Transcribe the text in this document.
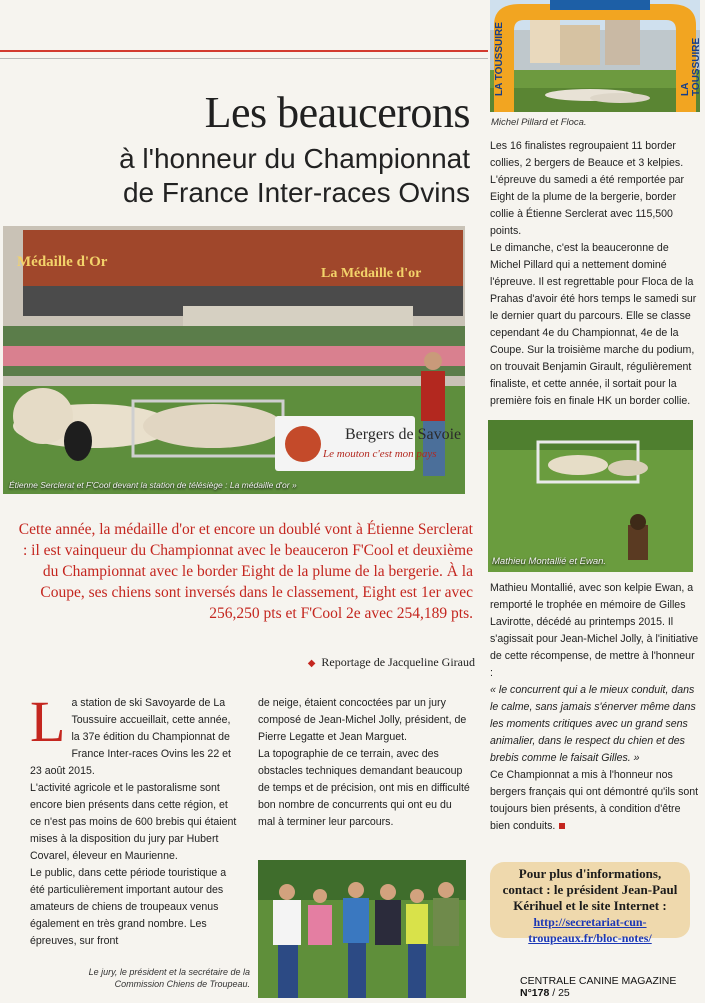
Les beaucerons
à l'honneur du Championnat
de France Inter-races Ovins
LA TOUSSUIRE	LA TOUSSUIRE
Michel Pillard et Floca.
Médaille d'Or
La Médaille d'or
Bergers de Savoie
Le mouton c'est mon pays
Étienne Serclerat et F'Cool devant la station de télésiège : La médaille d'or »
Cette année, la médaille d'or et encore un doublé vont à Étienne Serclerat : il est vainqueur du Championnat avec le beauceron F'Cool et deuxième du Championnat avec le border Eight de la plume de la bergerie. À la Coupe, ses chiens sont inversés dans le classement, Eight est 1er avec 256,250 pts et F'Cool 2e avec 254,189 pts.
◆ Reportage de Jacqueline Giraud

La station de ski Savoyarde de La Toussuire accueillait, cette année, la 37e édition du Championnat de France Inter-races Ovins les 22 et 23 août 2015.

L'activité agricole et le pastoralisme sont encore bien présents dans cette région, et ce n'est pas moins de 600 brebis qui étaient mises à la disposition du jury par Hubert Covarel, éleveur en Maurienne.

Le public, dans cette période touristique a été particulièrement important autour des amateurs de chiens de troupeaux venus également en très grand nombre. Les épreuves, sur front

de neige, étaient concoctées par un jury composé de Jean-Michel Jolly, président, de Pierre Legatte et Jean Marguet.

La topographie de ce terrain, avec des obstacles techniques demandant beaucoup de temps et de précision, ont mis en difficulté bon nombre de concurrents qui ont eu du mal à terminer leur parcours.

Le jury, le président et la secrétaire de la Commission Chiens de Troupeau.

Les 16 finalistes regroupaient 11 border collies, 2 bergers de Beauce et 3 kelpies.

L'épreuve du samedi a été remportée par Eight de la plume de la bergerie, border collie à Étienne Serclerat avec 115,500 points.

Le dimanche, c'est la beauceronne de Michel Pillard qui a nettement dominé l'épreuve. Il est regrettable pour Floca de la Prahas d'avoir été hors temps le samedi sur le dernier quart du parcours. Elle se classe cependant 4e du Championnat, 4e de la Coupe. Sur la troisième marche du podium, on trouvait Benjamin Girault, régulièrement finaliste, et cette année, il sortait pour la première fois en finale HK un border collie.

Mathieu Montallié et Ewan.

Mathieu Montallié, avec son kelpie Ewan, a remporté le trophée en mémoire de Gilles Lavirotte, décédé au printemps 2015. Il s'agissait pour Jean-Michel Jolly, à l'initiative de cette récompense, de mettre à l'honneur :

« le concurrent qui a le mieux conduit, dans le calme, sans jamais s'énerver même dans les moments critiques avec un grand sens animalier, dans le respect du chien et des brebis comme le faisait Gilles. »

Ce Championnat a mis à l'honneur nos bergers français qui ont démontré qu'ils sont toujours bien présents, à condition d'être bien conduits.

Pour plus d'informations,
contact : le président Jean-Paul
Kérihuel et le site Internet :
http://secretariat-cun-troupeaux.fr/bloc-notes/
CENTRALE CANINE MAGAZINE N°178 / 25
